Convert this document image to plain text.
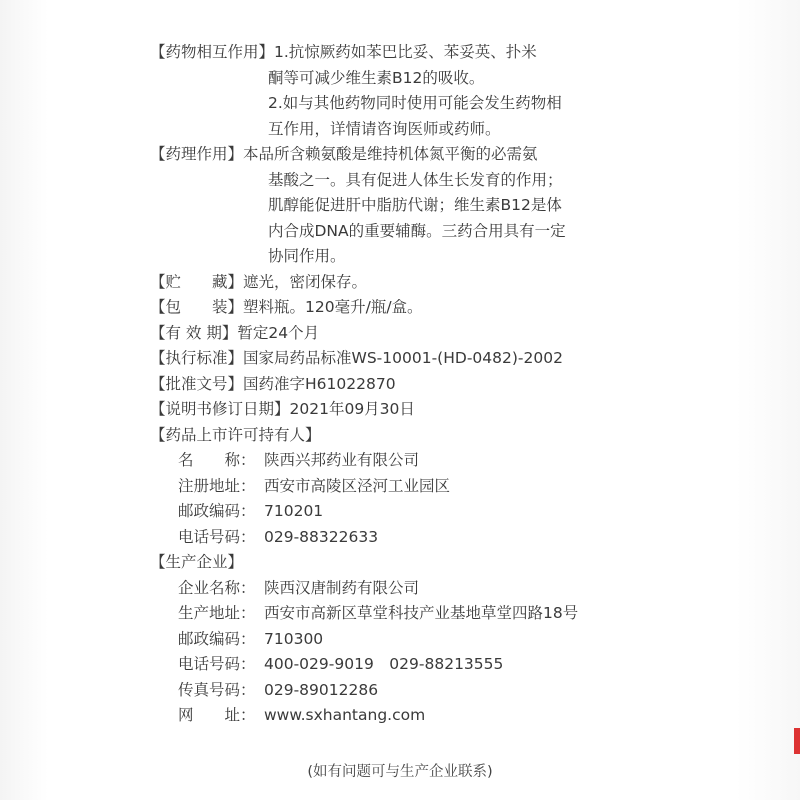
【药物相互作用】 1.抗惊厥药如苯巴比妥、苯妥英、扑米
酮等可减少维生素B12的吸收。
2.如与其他药物同时使用可能会发生药物相
互作用，详情请咨询医师或药师。
【药理作用】 本品所含赖氨酸是维持机体氮平衡的必需氨
基酸之一。具有促进人体生长发育的作用；
肌醇能促进肝中脂肪代谢；维生素B12是体
内合成DNA的重要辅酶。三药合用具有一定
协同作用。
【贮　　藏】 遮光，密闭保存。
【包　　装】 塑料瓶。120毫升/瓶/盒。
【有 效 期】 暂定24个月
【执行标准】 国家局药品标准WS-10001-(HD-0482)-2002
【批准文号】 国药准字H61022870
【说明书修订日期】 2021年09月30日
【药品上市许可持有人】
名　　称： 陕西兴邦药业有限公司
注册地址： 西安市高陵区泾河工业园区
邮政编码： 710201
电话号码： 029-88322633
【生产企业】
企业名称： 陕西汉唐制药有限公司
生产地址： 西安市高新区草堂科技产业基地草堂四路18号
邮政编码： 710300
电话号码： 400-029-9019　029-88213555
传真号码： 029-89012286
网　　址： www.sxhantang.com
(如有问题可与生产企业联系)
